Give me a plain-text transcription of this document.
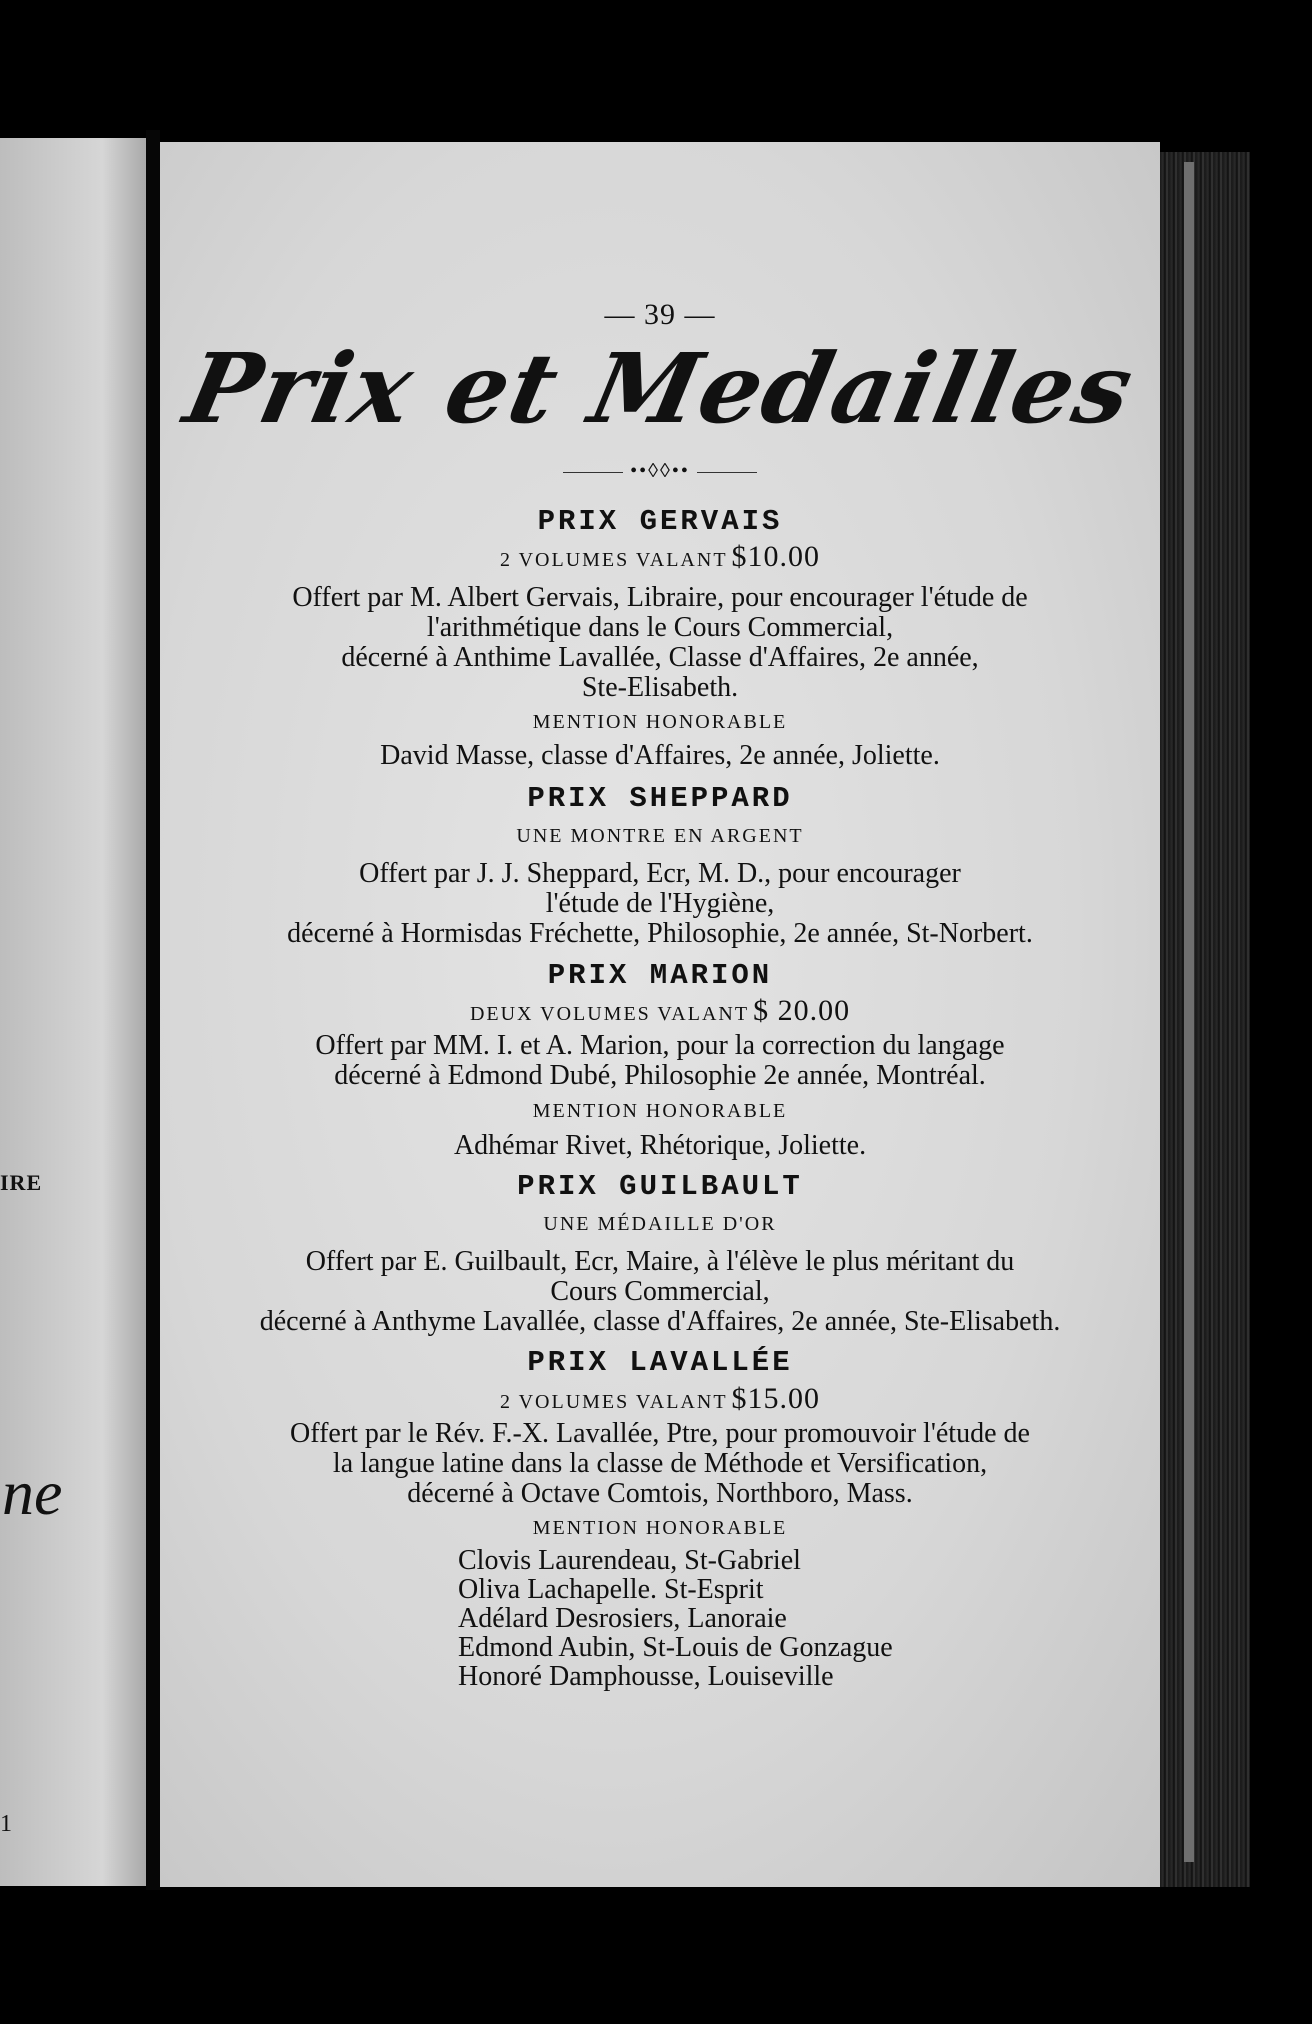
IRE
ne
1
— 39 —
Prix et Medailles
••◊◊••
PRIX GERVAIS
2 VOLUMES VALANT $10.00
Offert par M. Albert Gervais, Libraire, pour encourager l'étude de
l'arithmétique dans le Cours Commercial,
décerné à Anthime Lavallée, Classe d'Affaires, 2e année,
Ste-Elisabeth.
MENTION HONORABLE
David Masse, classe d'Affaires, 2e année, Joliette.
PRIX SHEPPARD
UNE MONTRE EN ARGENT
Offert par J. J. Sheppard, Ecr, M. D., pour encourager
l'étude de l'Hygiène,
décerné à Hormisdas Fréchette, Philosophie, 2e année, St-Norbert.
PRIX MARION
DEUX VOLUMES VALANT $ 20.00
Offert par MM. I. et A. Marion, pour la correction du langage
décerné à Edmond Dubé, Philosophie 2e année, Montréal.
MENTION HONORABLE
Adhémar Rivet, Rhétorique, Joliette.
PRIX GUILBAULT
UNE MÉDAILLE D'OR
Offert par E. Guilbault, Ecr, Maire, à l'élève le plus méritant du
Cours Commercial,
décerné à Anthyme Lavallée, classe d'Affaires, 2e année, Ste-Elisabeth.
PRIX LAVALLÉE
2 VOLUMES VALANT $15.00
Offert par le Rév. F.-X. Lavallée, Ptre, pour promouvoir l'étude de
la langue latine dans la classe de Méthode et Versification,
décerné à Octave Comtois, Northboro, Mass.
MENTION HONORABLE
Clovis Laurendeau, St-Gabriel
Oliva Lachapelle. St-Esprit
Adélard Desrosiers, Lanoraie
Edmond Aubin, St-Louis de Gonzague
Honoré Damphousse, Louiseville
